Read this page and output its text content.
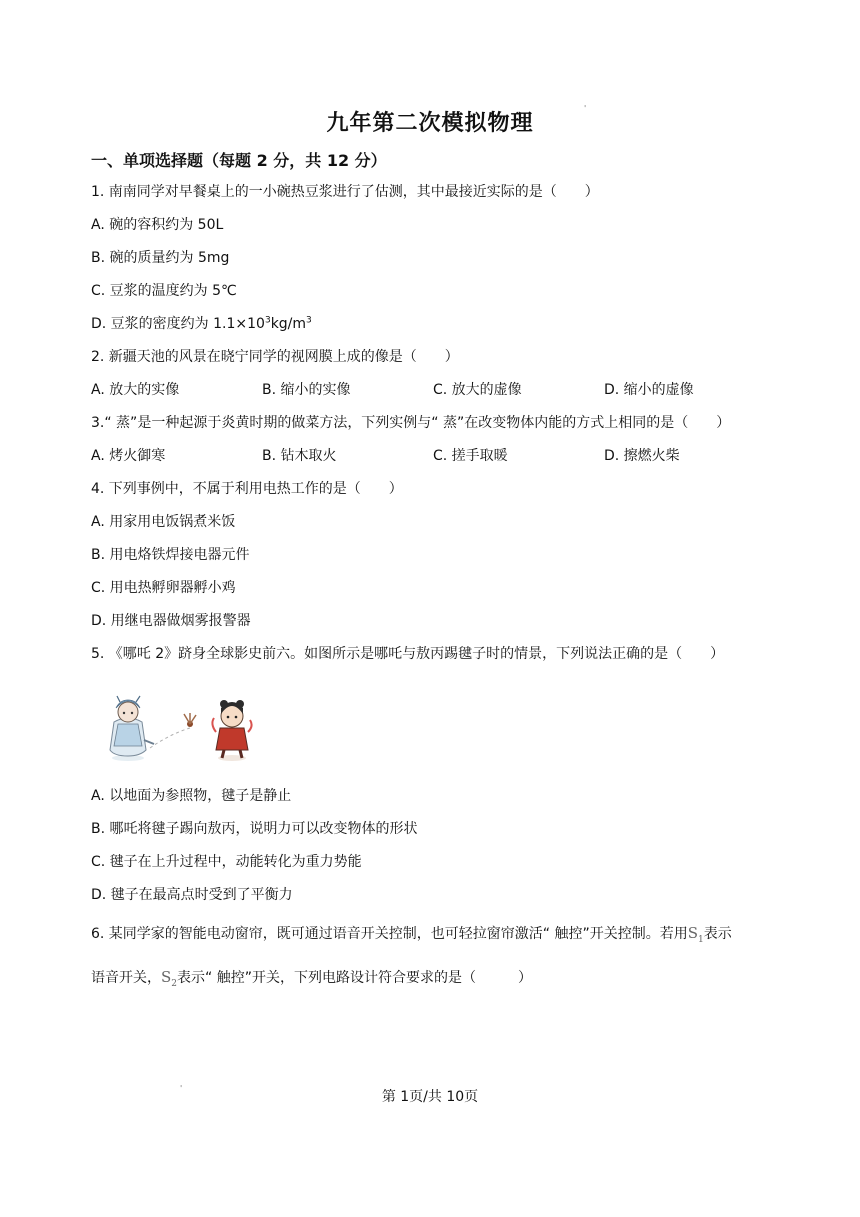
'
九年第二次模拟物理
一、单项选择题（每题 2 分，共 12 分）
1. 南南同学对早餐桌上的一小碗热豆浆进行了估测，其中最接近实际的是（　　）
A. 碗的容积约为 50L
B. 碗的质量约为 5mg
C. 豆浆的温度约为 5℃
D. 豆浆的密度约为 $1.1\times 10^3kg/m^3$
2. 新疆天池的风景在晓宁同学的视网膜上成的像是（　　）
A. 放大的实像	B. 缩小的实像	C. 放大的虚像	D. 缩小的虚像
3.“ 蒸”是一种起源于炎黄时期的做菜方法，下列实例与“ 蒸”在改变物体内能的方式上相同的是（　　）
A. 烤火御寒	B. 钻木取火	C. 搓手取暖	D. 擦燃火柴
4. 下列事例中，不属于利用电热工作的是（　　）
A. 用家用电饭锅煮米饭
B. 用电烙铁焊接电器元件
C. 用电热孵卵器孵小鸡
D. 用继电器做烟雾报警器
5. 《哪吒 2》跻身全球影史前六。如图所示是哪吒与敖丙踢毽子时的情景，下列说法正确的是（　　）
A. 以地面为参照物，毽子是静止
B. 哪吒将毽子踢向敖丙，说明力可以改变物体的形状
C. 毽子在上升过程中，动能转化为重力势能
D. 毽子在最高点时受到了平衡力
6. 某同学家的智能电动窗帘，既可通过语音开关控制，也可轻拉窗帘激活“ 触控”开关控制。若用$S_1$表示
语音开关，$S_2$表示“ 触控”开关，下列电路设计符合要求的是（　　　）
'
第 1页/共 10页
